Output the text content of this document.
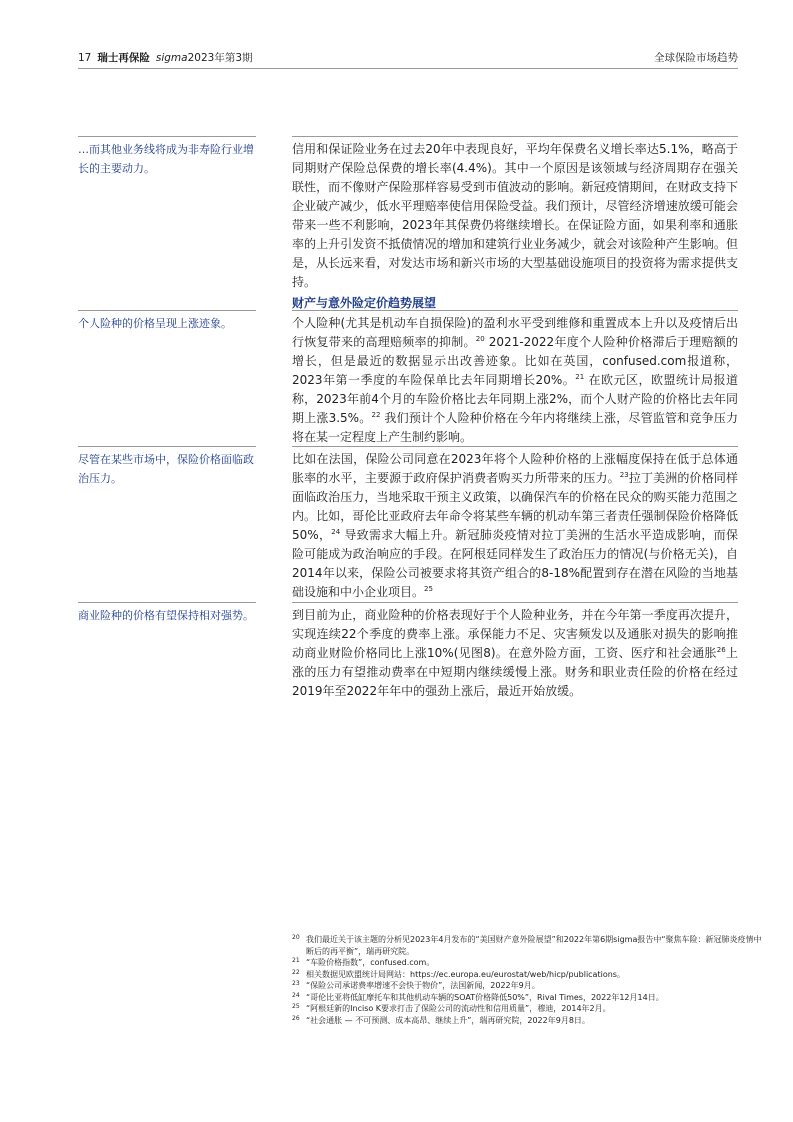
17 瑞士再保险 sigma2023年第3期	全球保险市场趋势
…而其他业务线将成为非寿险行业增长的主要动力。

信用和保证险业务在过去20年中表现良好，平均年保费名义增长率达5.1%，略高于同期财产保险总保费的增长率(4.4%)。其中一个原因是该领域与经济周期存在强关联性，而不像财产保险那样容易受到市值波动的影响。新冠疫情期间，在财政支持下企业破产减少，低水平理赔率使信用保险受益。我们预计，尽管经济增速放缓可能会带来一些不利影响，2023年其保费仍将继续增长。在保证险方面，如果利率和通胀率的上升引发资不抵债情况的增加和建筑行业业务减少，就会对该险种产生影响。但是，从长远来看，对发达市场和新兴市场的大型基础设施项目的投资将为需求提供支持。

财产与意外险定价趋势展望
个人险种的价格呈现上涨迹象。	个人险种(尤其是机动车自损保险)的盈利水平受到维修和重置成本上升以及疫情后出行恢复带来的高理赔频率的抑制。$^{20}$ 2021-2022年度个人险种价格滞后于理赔额的增长，但是最近的数据显示出改善迹象。比如在英国，confused.com报道称，2023年第一季度的车险保单比去年同期增长20%。$^{21}$ 在欧元区，欧盟统计局报道称，2023年前4个月的车险价格比去年同期上涨2%，而个人财产险的价格比去年同期上涨3.5%。$^{22}$ 我们预计个人险种价格在今年内将继续上涨，尽管监管和竞争压力将在某一定程度上产生制约影响。

尽管在某些市场中，保险价格面临政治压力。

比如在法国，保险公司同意在2023年将个人险种价格的上涨幅度保持在低于总体通胀率的水平，主要源于政府保护消费者购买力所带来的压力。$^{23}$拉丁美洲的价格同样面临政治压力，当地采取干预主义政策，以确保汽车的价格在民众的购买能力范围之内。比如，哥伦比亚政府去年命令将某些车辆的机动车第三者责任强制保险价格降低50%，$^{24}$ 导致需求大幅上升。新冠肺炎疫情对拉丁美洲的生活水平造成影响，而保险可能成为政治响应的手段。在阿根廷同样发生了政治压力的情况(与价格无关)，自2014年以来，保险公司被要求将其资产组合的8-18%配置到存在潜在风险的当地基础设施和中小企业项目。$^{25}$

商业险种的价格有望保持相对强势。	到目前为止，商业险种的价格表现好于个人险种业务，并在今年第一季度再次提升，实现连续22个季度的费率上涨。承保能力不足、灾害频发以及通胀对损失的影响推动商业财险价格同比上涨10%(见图8)。在意外险方面，工资、医疗和社会通胀$^{26}$上涨的压力有望推动费率在中短期内继续缓慢上涨。财务和职业责任险的价格在经过2019年至2022年年中的强劲上涨后，最近开始放缓。

20 我们最近关于该主题的分析见2023年4月发布的“美国财产意外险展望”和2022年第6期sigma报告中“聚焦车险：新冠肺炎疫情中断后的再平衡”，瑞再研究院。
21 “车险价格指数”，confused.com。
22 相关数据见欧盟统计局网站：https://ec.europa.eu/eurostat/web/hicp/publications。
23 “保险公司承诺费率增速不会快于物价”，法国新闻，2022年9月。
24 “哥伦比亚将低缸摩托车和其他机动车辆的SOAT价格降低50%”，Rival Times，2022年12月14日。
25 “阿根廷新的Inciso K要求打击了保险公司的流动性和信用质量”，穆迪，2014年2月。
26 “社会通胀 — 不可预测、成本高昂、继续上升”，瑞再研究院，2022年9月8日。
